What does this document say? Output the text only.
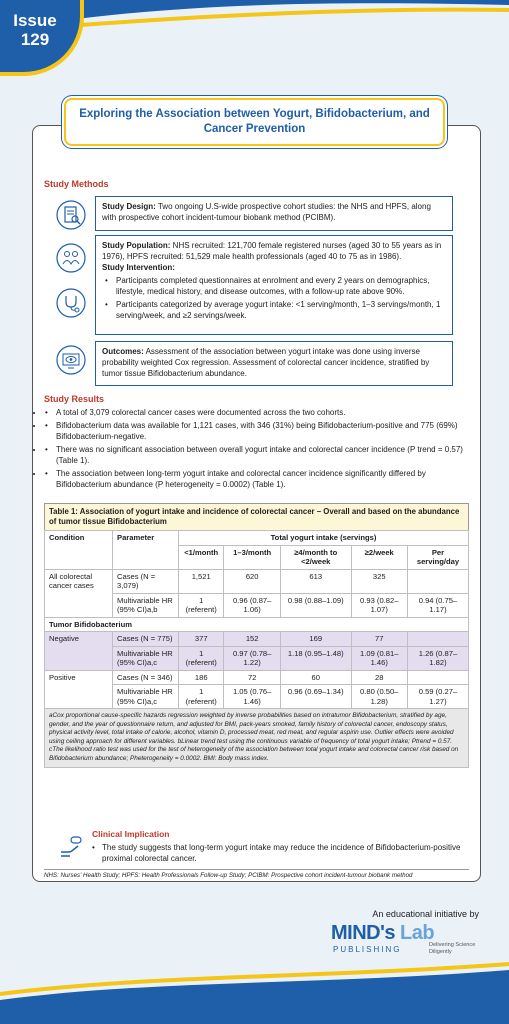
Issue
129
Exploring the Association between Yogurt, Bifidobacterium, and Cancer Prevention
Study Methods
Study Design: Two ongoing U.S-wide prospective cohort studies: the NHS and HPFS, along with prospective cohort incident-tumour biobank method (PCIBM).
Study Population: NHS recruited: 121,700 female registered nurses (aged 30 to 55 years as in 1976), HPFS recruited: 51,529 male health professionals (aged 40 to 75 as in 1986).
Study Intervention:
• Participants completed questionnaires at enrolment and every 2 years on demographics, lifestyle, medical history, and disease outcomes, with a follow-up rate above 90%.
• Participants categorized by average yogurt intake: <1 serving/month, 1–3 servings/month, 1 serving/week, and ≥2 servings/week.
Outcomes: Assessment of the association between yogurt intake was done using inverse probability weighted Cox regression. Assessment of colorectal cancer incidence, stratified by tumor tissue Bifidobacterium abundance.
Study Results
• • A total of 3,079 colorectal cancer cases were documented across the two cohorts.
• • Bifidobacterium data was available for 1,121 cases, with 346 (31%) being Bifidobacterium-positive and 775 (69%) Bifidobacterium-negative.
• • There was no significant association between overall yogurt intake and colorectal cancer incidence (P trend = 0.57) (Table 1).
• • The association between long-term yogurt intake and colorectal cancer incidence significantly differed by Bifidobacterium abundance (P heterogeneity = 0.0002) (Table 1).
Table 1: Association of yogurt intake and incidence of colorectal cancer – Overall and based on the abundance of tumor tissue Bifidobacterium
Condition	Parameter	Total yogurt intake (servings)				
		<1/month	1–3/month	≥4/month to <2/week	≥2/week	Per serving/day
All colorectal cancer cases	Cases (N = 3,079)	1,521	620	613	325	
	Multivariable HR (95% CI)a,b	1 (referent)	0.96 (0.87–1.06)	0.98 (0.88–1.09)	0.93 (0.82–1.07)	0.94 (0.75–1.17)
Tumor Bifidobacterium						
Negative	Cases (N = 775)	377	152	169	77	
	Multivariable HR (95% CI)a,c	1 (referent)	0.97 (0.78–1.22)	1.18 (0.95–1.48)	1.09 (0.81–1.46)	1.26 (0.87–1.82)
Positive	Cases (N = 346)	186	72	60	28	
	Multivariable HR (95% CI)a,c	1 (referent)	1.05 (0.76–1.46)	0.96 (0.69–1.34)	0.80 (0.50–1.28)	0.59 (0.27–1.27)
aCox proportional cause-specific hazards regression weighted by inverse probabilities based on intratumor Bifidobacterium, stratified by age, gender, and the year of questionnaire return, and adjusted for BMI, pack-years smoked, family history of colorectal cancer, endoscopy status, physical activity level, total intake of calorie, alcohol, vitamin D, processed meat, red meat, and regular aspirin use. Outlier effects were avoided using ceiling approach for different variables. bLinear trend test using the continuous variable of frequency of total yogurt intake; Ptrend = 0.57. cThe likelihood ratio test was used for the test of heterogeneity of the association between total yogurt intake and colorectal cancer risk based on Bifidobacterium abundance; Pheterogeneity = 0.0002. BMI: Body mass index.
Clinical Implication
• The study suggests that long-term yogurt intake may reduce the incidence of Bifidobacterium-positive proximal colorectal cancer.
NHS: Nurses' Health Study; HPFS: Health Professionals Follow-up Study; PCIBM: Prospective cohort incident-tumour biobank method
An educational initiative by
MIND's Lab
PUBLISHING	Delivering Science Diligently
